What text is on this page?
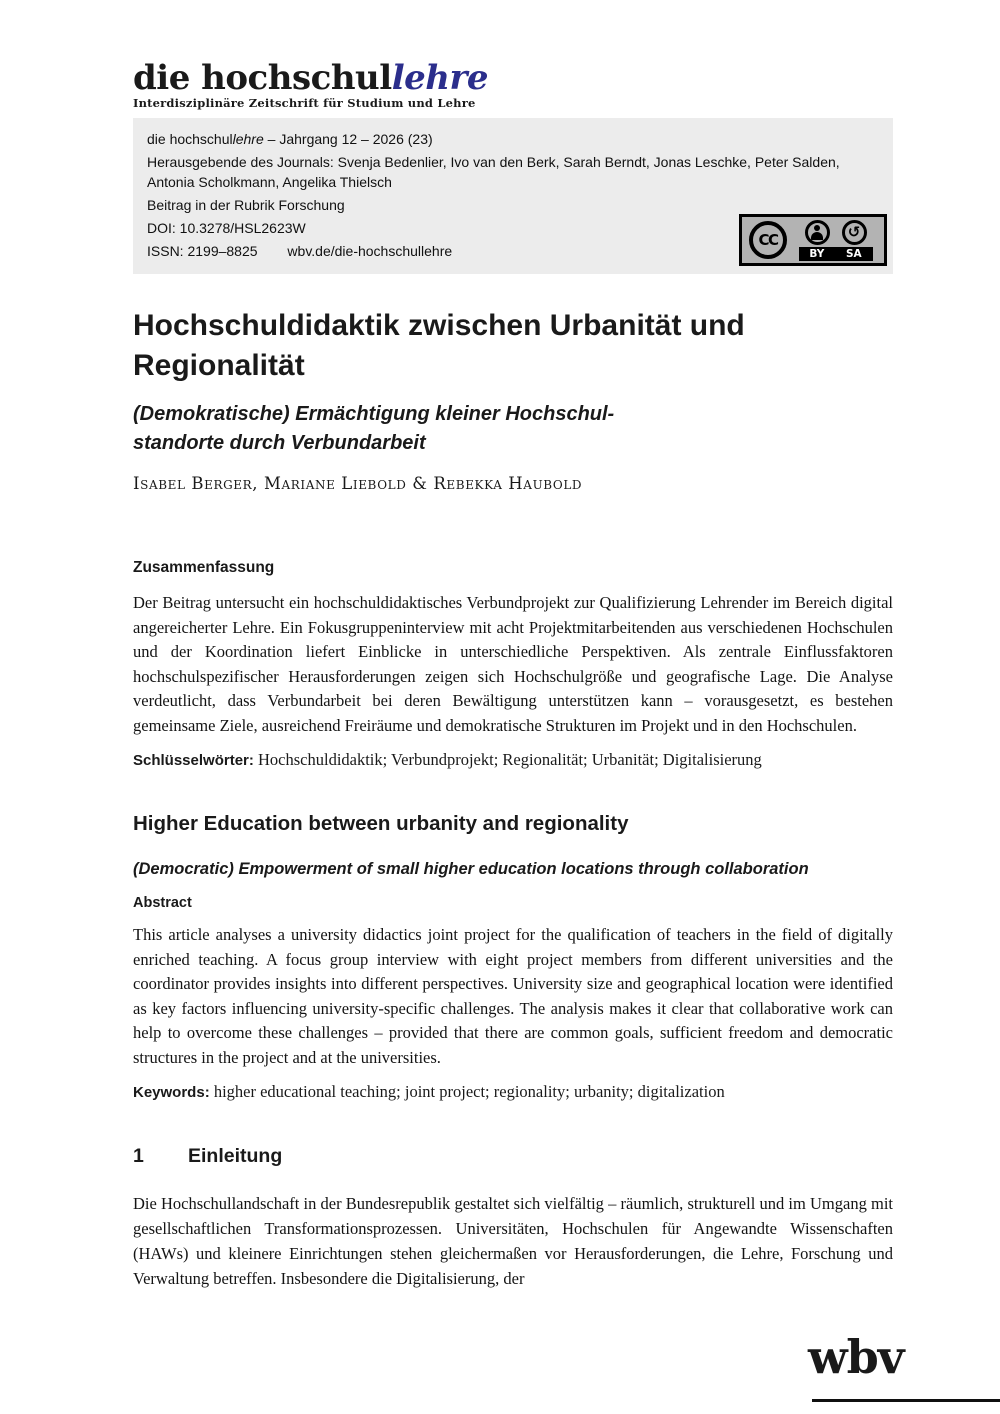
die hochschullehre
Interdisziplinäre Zeitschrift für Studium und Lehre
die hochschullehre – Jahrgang 12 – 2026 (23)
Herausgebende des Journals: Svenja Bedenlier, Ivo van den Berk, Sarah Berndt, Jonas Leschke, Peter Salden, Antonia Scholkmann, Angelika Thielsch
Beitrag in der Rubrik Forschung
DOI: 10.3278/HSL2623W
ISSN: 2199–8825 wbv.de/die-hochschullehre
CC	↺
BY SA
Hochschuldidaktik zwischen Urbanität und
Regionalität
(Demokratische) Ermächtigung kleiner Hochschul-
standorte durch Verbundarbeit
Isabel Berger, Mariane Liebold & Rebekka Haubold
Zusammenfassung

Der Beitrag untersucht ein hochschuldidaktisches Verbundprojekt zur Qualifizierung Lehrender im Bereich digital angereicherter Lehre. Ein Fokusgruppeninterview mit acht Projektmitarbeitenden aus verschiedenen Hochschulen und der Koordination liefert Einblicke in unterschiedliche Perspektiven. Als zentrale Einflussfaktoren hochschulspezifischer Herausforderungen zeigen sich Hochschulgröße und geografische Lage. Die Analyse verdeutlicht, dass Verbundarbeit bei deren Bewältigung unterstützen kann – vorausgesetzt, es bestehen gemeinsame Ziele, ausreichend Freiräume und demokratische Strukturen im Projekt und in den Hochschulen.

Schlüsselwörter: Hochschuldidaktik; Verbundprojekt; Regionalität; Urbanität; Digitalisierung

Higher Education between urbanity and regionality
(Democratic) Empowerment of small higher education locations through collaboration
Abstract

This article analyses a university didactics joint project for the qualification of teachers in the field of digitally enriched teaching. A focus group interview with eight project members from different universities and the coordinator provides insights into different perspectives. University size and geographical location were identified as key factors influencing university-specific challenges. The analysis makes it clear that collaborative work can help to overcome these challenges – provided that there are common goals, sufficient freedom and democratic structures in the project and at the universities.

Keywords: higher educational teaching; joint project; regionality; urbanity; digitalization

1	Einleitung

Die Hochschullandschaft in der Bundesrepublik gestaltet sich vielfältig – räumlich, strukturell und im Umgang mit gesellschaftlichen Transformationsprozessen. Universitäten, Hochschulen für Angewandte Wissenschaften (HAWs) und kleinere Einrichtungen stehen gleichermaßen vor Herausforderungen, die Lehre, Forschung und Verwaltung betreffen. Insbesondere die Digitalisierung, der

wbv
